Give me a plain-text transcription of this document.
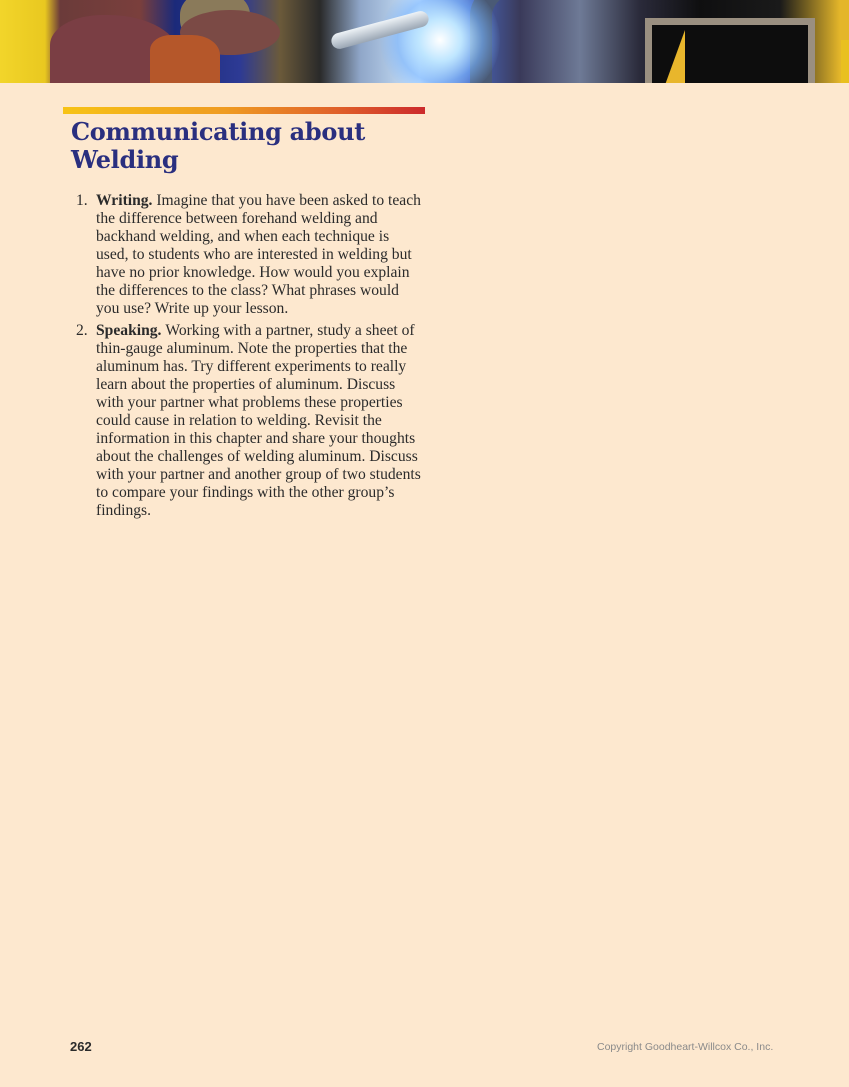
Communicating about Welding
1. Writing. Imagine that you have been asked to teach the difference between forehand welding and backhand welding, and when each technique is used, to students who are interested in welding but have no prior knowledge. How would you explain the differences to the class? What phrases would you use? Write up your lesson.
2. Speaking. Working with a partner, study a sheet of thin-gauge aluminum. Note the properties that the aluminum has. Try different experiments to really learn about the properties of aluminum. Discuss with your partner what problems these properties could cause in relation to welding. Revisit the information in this chapter and share your thoughts about the challenges of welding aluminum. Discuss with your partner and another group of two students to compare your findings with the other group’s findings.
262	Copyright Goodheart-Willcox Co., Inc.
